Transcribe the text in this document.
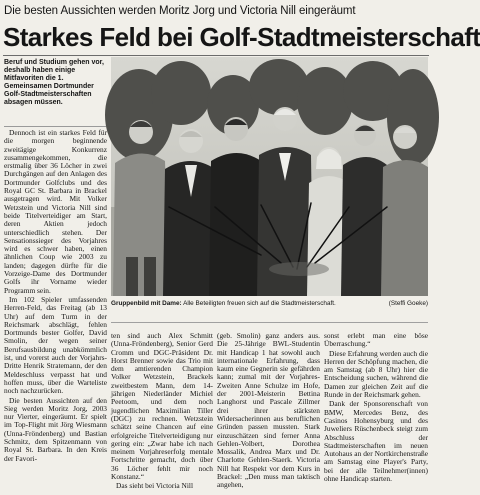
Die besten Aussichten werden Moritz Jorg und Victoria Nill eingeräumt
Starkes Feld bei Golf-Stadtmeisterschaft
Beruf und Studium gehen vor, deshalb haben einige Mitfavoriten die 1. Gemeinsamen Dortmunder Golf-Stadtmeisterschaften absagen müssen.
Gruppenbild mit Dame: Alle Beteiligten freuen sich auf die Stadtmeisterschaft.	(Steffi Goeke)

Dennoch ist ein starkes Feld für die morgen beginnende zweitägige Konkurrenz zusammengekommen, die erstmalig über 36 Löcher in zwei Durchgängen auf den Anlagen des Dortmunder Golfclubs und des Royal GC St. Barbara in Brackel ausgetragen wird. Mit Volker Wetzstein und Victoria Nill sind beide Titelverteidiger am Start, deren Aktien jedoch unterschiedlich stehen. Der Sensationssieger des Vorjahres wird es schwer haben, einen ähnlichen Coup wie 2003 zu landen; dagegen dürfte für die Vorzeige-Dame des Dortmunder Golfs ihr Vorname wieder Programm sein.

Im 102 Spieler umfassenden Herren-Feld, das Freitag (ab 13 Uhr) auf dem Turm in der Reichsmark abschlägt, fehlen Dortmunds bester Golfer, David Smolin, der wegen seiner Berufsausbildung unabkömmlich ist, und vorerst auch der Vorjahrs-Dritte Henrik Stratemann, der den Meldeschluss verpasst hat und hoffen muss, über die Warteliste noch nachzurücken.

Die besten Aussichten auf den Sieg werden Moritz Jorg, 2003 nur Vierter, eingeräumt. Er spielt im Top-Flight mit Jörg Wiesmann (Unna-Fröndenberg) und Bastian Schmitz, dem Spitzenmann von Royal St. Barbara. In den Kreis der Favori-

ten sind auch Alex Schmitt (Unna-Fröndenberg), Senior Gerd Cromm und DGC-Präsident Dr. Horst Brenner sowie das Trio mit dem amtierenden Champion Volker Wetzstein, Brackels zweitbestem Mann, dem 14-jährigen Niederländer Michiel Peetoom, und dem noch jugendlichen Maximilian Tiller (DGC) zu rechnen. Wetzstein schätzt seine Chancen auf eine erfolgreiche Titelverteidigung nur gering ein: „Zwar habe ich nach meinem Vorjahreserfolg mentale Fortschritte gemacht, doch über 36 Löcher fehlt mir noch Konstanz.“

Das sieht bei Victoria Nill

(geb. Smolin) ganz anders aus. Die 25-Jährige BWL-Studentin mit Handicap 1 hat sowohl auch internationale Erfahrung, dass kaum eine Gegnerin sie gefährden kann; zumal mit der Vorjahres-Zweiten Anne Schulze im Hofe, der 2001-Meisterin Bettina Langhorst und Pascale Zillmer drei ihrer stärksten Widersacherinnen aus beruflichen Gründen passen mussten. Stark einzuschätzen sind ferner Anna Gehlen-Volbert, Dorothea Mossalik, Andrea Marx und Dr. Charlotte Gehlen-Staerk. Victoria Nill hat Respekt vor dem Kurs in Brackel: „Den muss man taktisch angehen,

sonst erlebt man eine böse Überraschung.“

Diese Erfahrung werden auch die Herren der Schöpfung machen, die am Samstag (ab 8 Uhr) hier die Entscheidung suchen, während die Damen zur gleichen Zeit auf die Runde in der Reichsmark gehen.

Dank der Sponsorenschaft von BMW, Mercedes Benz, des Casinos Hohensyburg und des Juweliers Rüschenbeck steigt zum Abschluss der Stadtmeisterschaften im neuen Autohaus an der Nortkirchenstraße am Samstag eine Player's Party, bei der alle Teilnehmer(innen) ohne Handicap starten.
